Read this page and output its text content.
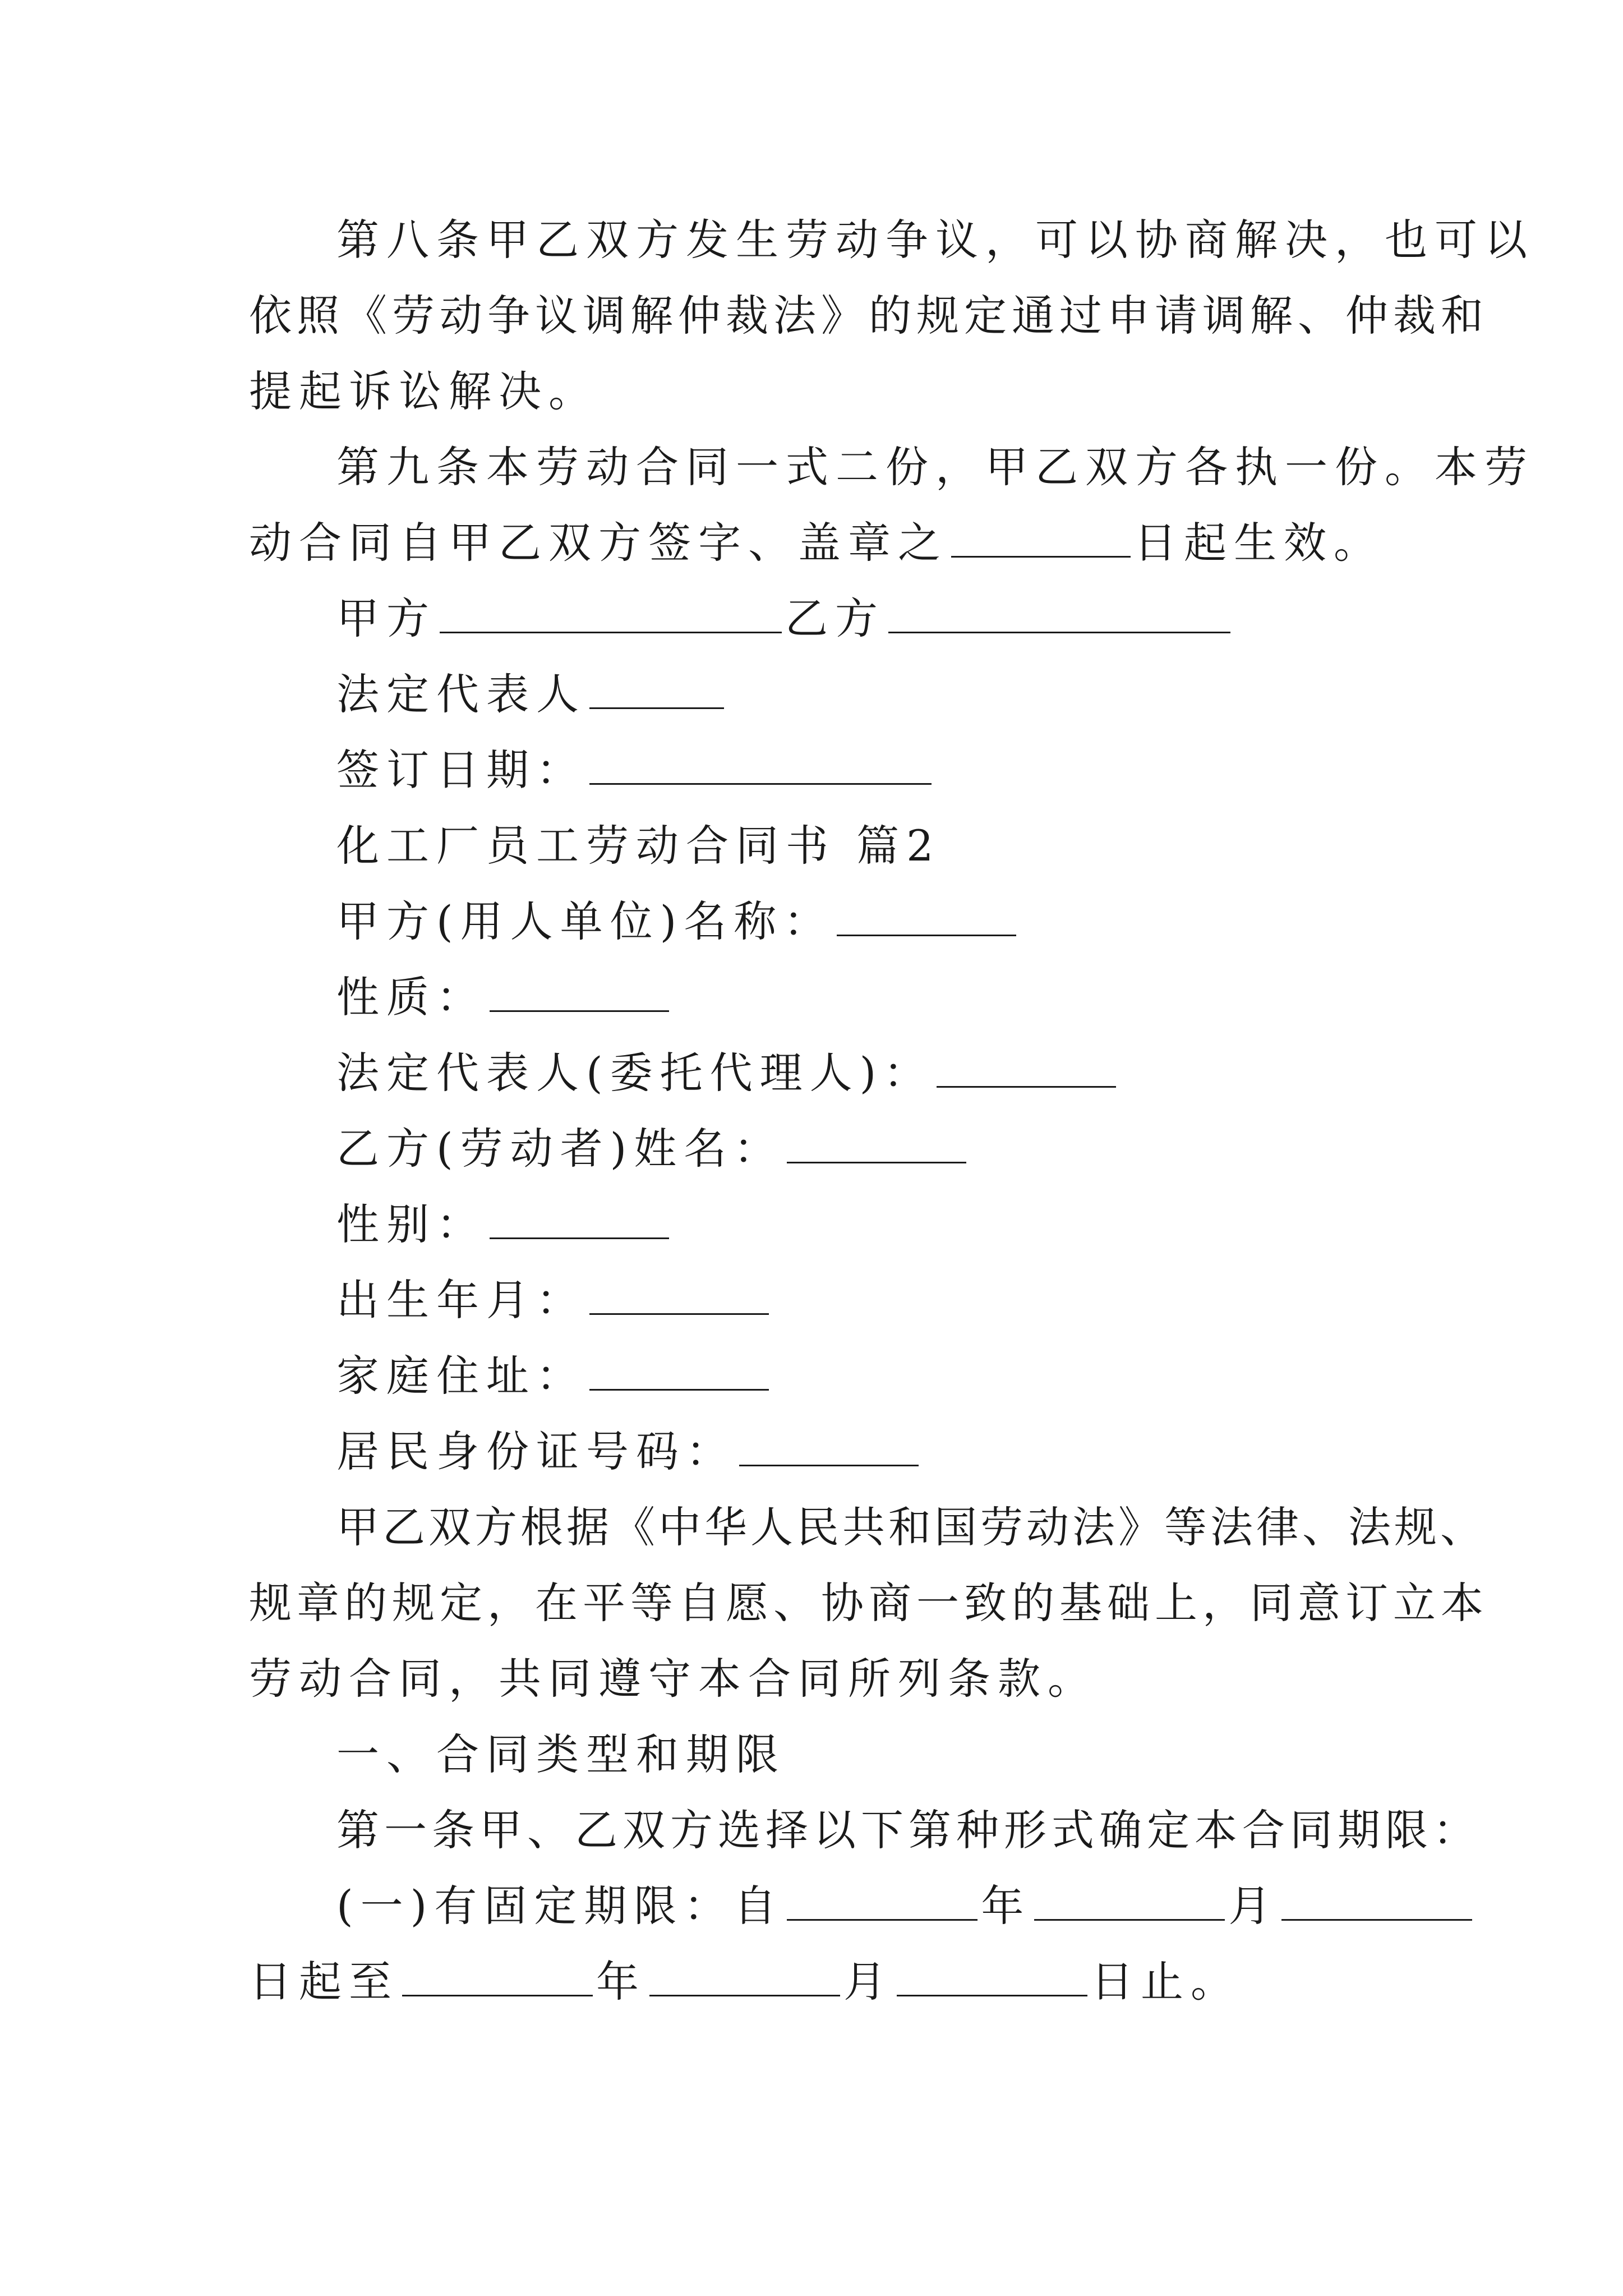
第八条甲乙双方发生劳动争议，可以协商解决，也可以
依照《劳动争议调解仲裁法》的规定通过申请调解、仲裁和
提起诉讼解决。
第九条本劳动合同一式二份，甲乙双方各执一份。本劳
动合同自甲乙双方签字、盖章之	日起生效。
甲方	乙方
法定代表人
签订日期：
化工厂员工劳动合同书 篇2
甲方(用人单位)名称：
性质：
法定代表人(委托代理人)：
乙方(劳动者)姓名：
性别：
出生年月：
家庭住址：
居民身份证号码：
甲乙双方根据《中华人民共和国劳动法》等法律、法规、
规章的规定，在平等自愿、协商一致的基础上，同意订立本
劳动合同，共同遵守本合同所列条款。
一、合同类型和期限
第一条甲、乙双方选择以下第种形式确定本合同期限：
(一)有固定期限：自	年	月
日起至	年	月	日止。
